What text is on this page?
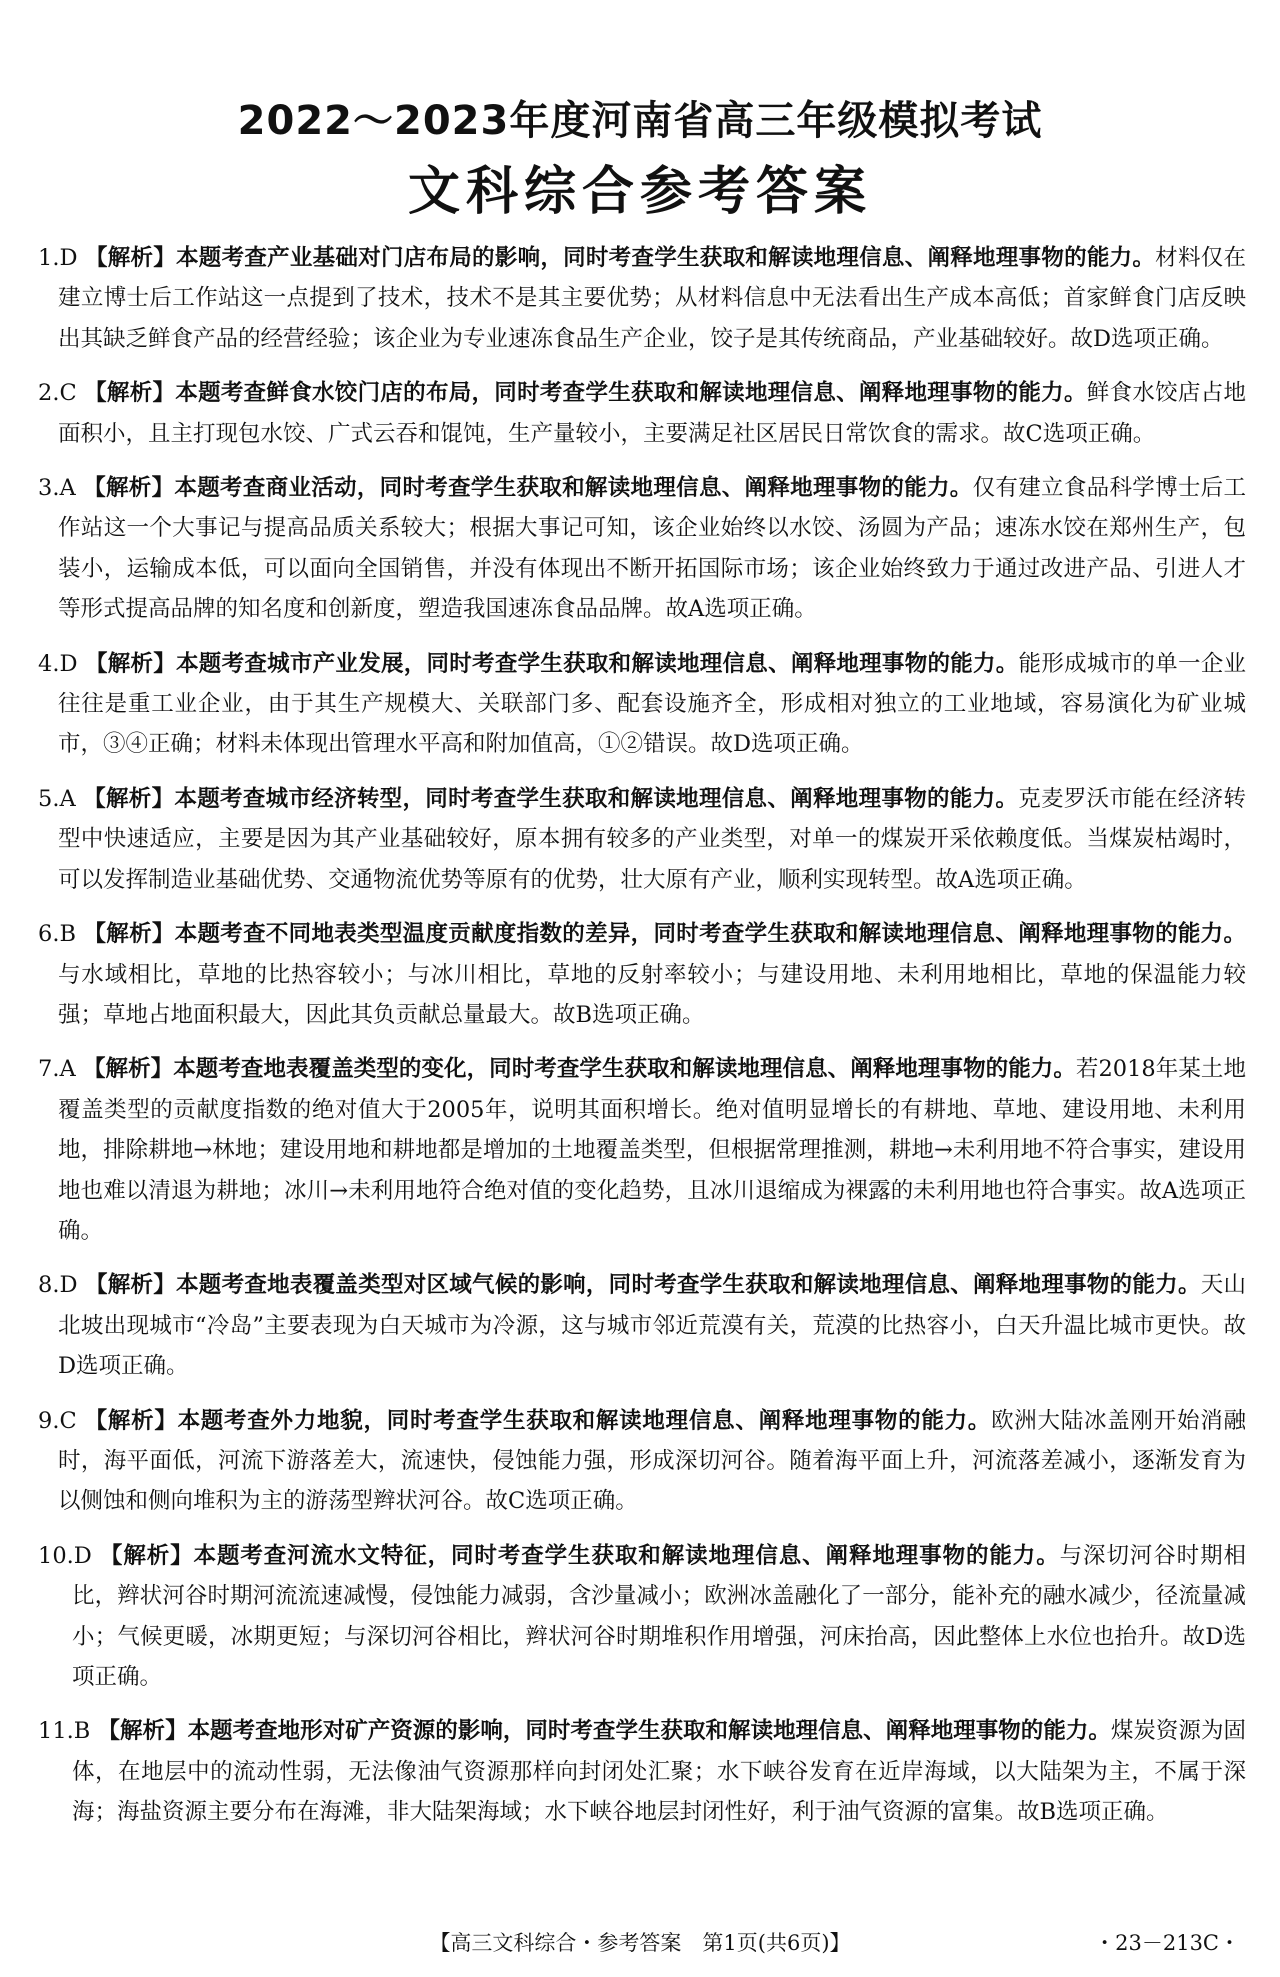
2022～2023年度河南省高三年级模拟考试
文科综合参考答案
1.D 【解析】本题考查产业基础对门店布局的影响，同时考查学生获取和解读地理信息、阐释地理事物的能力。材料仅在建立博士后工作站这一点提到了技术，技术不是其主要优势；从材料信息中无法看出生产成本高低；首家鲜食门店反映出其缺乏鲜食产品的经营经验；该企业为专业速冻食品生产企业，饺子是其传统商品，产业基础较好。故D选项正确。
2.C 【解析】本题考查鲜食水饺门店的布局，同时考查学生获取和解读地理信息、阐释地理事物的能力。鲜食水饺店占地面积小，且主打现包水饺、广式云吞和馄饨，生产量较小，主要满足社区居民日常饮食的需求。故C选项正确。
3.A 【解析】本题考查商业活动，同时考查学生获取和解读地理信息、阐释地理事物的能力。仅有建立食品科学博士后工作站这一个大事记与提高品质关系较大；根据大事记可知，该企业始终以水饺、汤圆为产品；速冻水饺在郑州生产，包装小，运输成本低，可以面向全国销售，并没有体现出不断开拓国际市场；该企业始终致力于通过改进产品、引进人才等形式提高品牌的知名度和创新度，塑造我国速冻食品品牌。故A选项正确。
4.D 【解析】本题考查城市产业发展，同时考查学生获取和解读地理信息、阐释地理事物的能力。能形成城市的单一企业往往是重工业企业，由于其生产规模大、关联部门多、配套设施齐全，形成相对独立的工业地域，容易演化为矿业城市，③④正确；材料未体现出管理水平高和附加值高，①②错误。故D选项正确。
5.A 【解析】本题考查城市经济转型，同时考查学生获取和解读地理信息、阐释地理事物的能力。克麦罗沃市能在经济转型中快速适应，主要是因为其产业基础较好，原本拥有较多的产业类型，对单一的煤炭开采依赖度低。当煤炭枯竭时，可以发挥制造业基础优势、交通物流优势等原有的优势，壮大原有产业，顺利实现转型。故A选项正确。
6.B 【解析】本题考查不同地表类型温度贡献度指数的差异，同时考查学生获取和解读地理信息、阐释地理事物的能力。与水域相比，草地的比热容较小；与冰川相比，草地的反射率较小；与建设用地、未利用地相比，草地的保温能力较强；草地占地面积最大，因此其负贡献总量最大。故B选项正确。
7.A 【解析】本题考查地表覆盖类型的变化，同时考查学生获取和解读地理信息、阐释地理事物的能力。若2018年某土地覆盖类型的贡献度指数的绝对值大于2005年，说明其面积增长。绝对值明显增长的有耕地、草地、建设用地、未利用地，排除耕地→林地；建设用地和耕地都是增加的土地覆盖类型，但根据常理推测，耕地→未利用地不符合事实，建设用地也难以清退为耕地；冰川→未利用地符合绝对值的变化趋势，且冰川退缩成为裸露的未利用地也符合事实。故A选项正确。
8.D 【解析】本题考查地表覆盖类型对区域气候的影响，同时考查学生获取和解读地理信息、阐释地理事物的能力。天山北坡出现城市“冷岛”主要表现为白天城市为冷源，这与城市邻近荒漠有关，荒漠的比热容小，白天升温比城市更快。故D选项正确。
9.C 【解析】本题考查外力地貌，同时考查学生获取和解读地理信息、阐释地理事物的能力。欧洲大陆冰盖刚开始消融时，海平面低，河流下游落差大，流速快，侵蚀能力强，形成深切河谷。随着海平面上升，河流落差减小，逐渐发育为以侧蚀和侧向堆积为主的游荡型辫状河谷。故C选项正确。
10.D 【解析】本题考查河流水文特征，同时考查学生获取和解读地理信息、阐释地理事物的能力。与深切河谷时期相比，辫状河谷时期河流流速减慢，侵蚀能力减弱，含沙量减小；欧洲冰盖融化了一部分，能补充的融水减少，径流量减小；气候更暖，冰期更短；与深切河谷相比，辫状河谷时期堆积作用增强，河床抬高，因此整体上水位也抬升。故D选项正确。
11.B 【解析】本题考查地形对矿产资源的影响，同时考查学生获取和解读地理信息、阐释地理事物的能力。煤炭资源为固体，在地层中的流动性弱，无法像油气资源那样向封闭处汇聚；水下峡谷发育在近岸海域，以大陆架为主，不属于深海；海盐资源主要分布在海滩，非大陆架海域；水下峡谷地层封闭性好，利于油气资源的富集。故B选项正确。
【高三文科综合・参考答案　第1页(共6页)】	・23－213C・
